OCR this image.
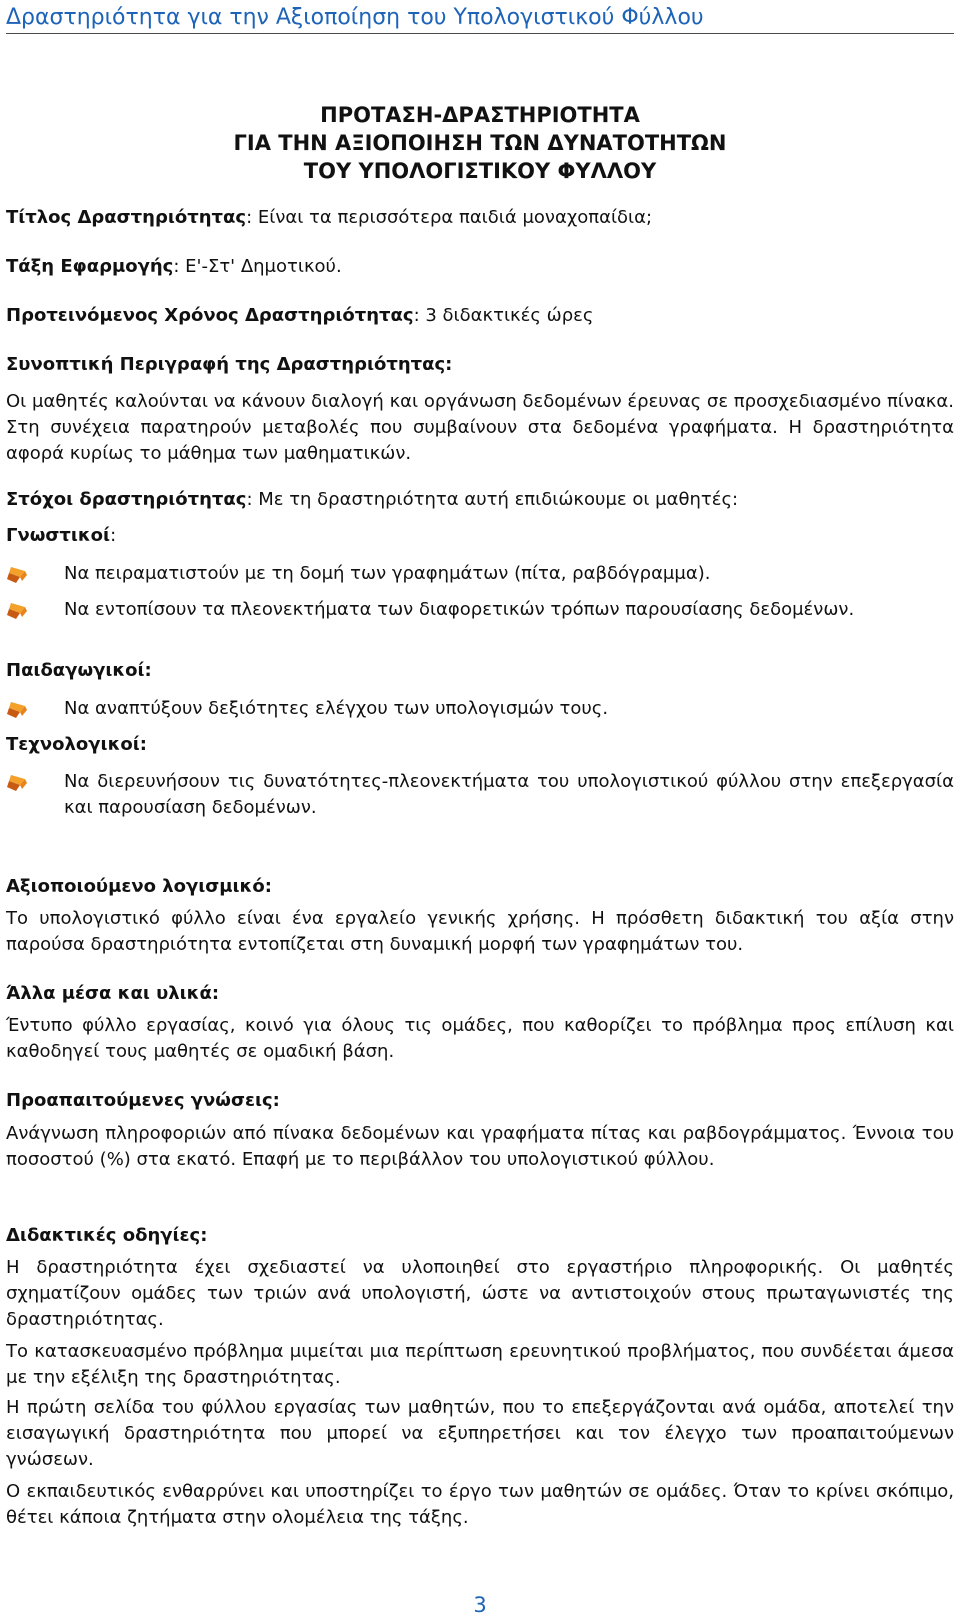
Δραστηριότητα για την Αξιοποίηση του Υπολογιστικού Φύλλου
ΠΡΟΤΑΣΗ-ΔΡΑΣΤΗΡΙΟΤΗΤΑ
ΓΙΑ ΤΗΝ ΑΞΙΟΠΟΙΗΣΗ ΤΩΝ ΔΥΝΑΤΟΤΗΤΩΝ
ΤΟΥ ΥΠΟΛΟΓΙΣΤΙΚΟΥ ΦΥΛΛΟΥ
Τίτλος Δραστηριότητας: Είναι τα περισσότερα παιδιά μοναχοπαίδια;
Τάξη Εφαρμογής: Ε'-Στ' Δημοτικού.
Προτεινόμενος Χρόνος Δραστηριότητας: 3 διδακτικές ώρες
Συνοπτική Περιγραφή της Δραστηριότητας:
Οι μαθητές καλούνται να κάνουν διαλογή και οργάνωση δεδομένων έρευνας σε προσχεδιασμένο πίνακα. Στη συνέχεια παρατηρούν μεταβολές που συμβαίνουν στα δεδομένα γραφήματα. Η δραστηριότητα αφορά κυρίως το μάθημα των μαθηματικών.
Στόχοι δραστηριότητας: Με τη δραστηριότητα αυτή επιδιώκουμε οι μαθητές:
Γνωστικοί:
Να πειραματιστούν με τη δομή των γραφημάτων (πίτα, ραβδόγραμμα).
Να εντοπίσουν τα πλεονεκτήματα των διαφορετικών τρόπων παρουσίασης δεδομένων.
Παιδαγωγικοί:
Να αναπτύξουν δεξιότητες ελέγχου των υπολογισμών τους.
Τεχνολογικοί:
Να διερευνήσουν τις δυνατότητες-πλεονεκτήματα του υπολογιστικού φύλλου στην επεξεργασία και παρουσίαση δεδομένων.
Αξιοποιούμενο λογισμικό:
Το υπολογιστικό φύλλο είναι ένα εργαλείο γενικής χρήσης. Η πρόσθετη διδακτική του αξία στην παρούσα δραστηριότητα εντοπίζεται στη δυναμική μορφή των γραφημάτων του.
Άλλα μέσα και υλικά:
Έντυπο φύλλο εργασίας, κοινό για όλους τις ομάδες, που καθορίζει το πρόβλημα προς επίλυση και καθοδηγεί τους μαθητές σε ομαδική βάση.
Προαπαιτούμενες γνώσεις:
Ανάγνωση πληροφοριών από πίνακα δεδομένων και γραφήματα πίτας και ραβδογράμματος. Έννοια του ποσοστού (%) στα εκατό. Επαφή με το περιβάλλον του υπολογιστικού φύλλου.
Διδακτικές οδηγίες:
Η δραστηριότητα έχει σχεδιαστεί να υλοποιηθεί στο εργαστήριο πληροφορικής. Οι μαθητές σχηματίζουν ομάδες των τριών ανά υπολογιστή, ώστε να αντιστοιχούν στους πρωταγωνιστές της δραστηριότητας.
Το κατασκευασμένο πρόβλημα μιμείται μια περίπτωση ερευνητικού προβλήματος, που συνδέεται άμεσα με την εξέλιξη της δραστηριότητας.
Η πρώτη σελίδα του φύλλου εργασίας των μαθητών, που το επεξεργάζονται ανά ομάδα, αποτελεί την εισαγωγική δραστηριότητα που μπορεί να εξυπηρετήσει και τον έλεγχο των προαπαιτούμενων γνώσεων.
Ο εκπαιδευτικός ενθαρρύνει και υποστηρίζει το έργο των μαθητών σε ομάδες. Όταν το κρίνει σκόπιμο, θέτει κάποια ζητήματα στην ολομέλεια της τάξης.
3
